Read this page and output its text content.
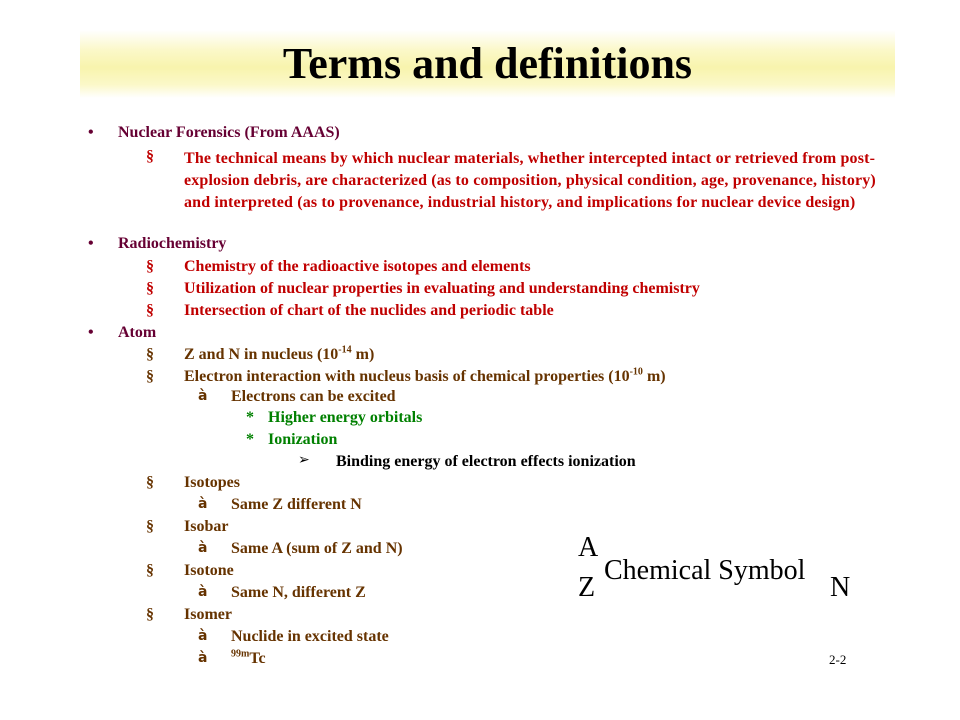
Terms and definitions
• Nuclear Forensics (From AAAS)
§ The technical means by which nuclear materials, whether intercepted intact or retrieved from post-explosion debris, are characterized (as to composition, physical condition, age, provenance, history) and interpreted (as to provenance, industrial history, and implications for nuclear device design)
• Radiochemistry
§ Chemistry of the radioactive isotopes and elements
§ Utilization of nuclear properties in evaluating and understanding chemistry
§ Intersection of chart of the nuclides and periodic table
• Atom
§ Z and N in nucleus ($10^{-14}$ m)
§ Electron interaction with nucleus basis of chemical properties ($10^{-10}$ m)
à Electrons can be excited
* Higher energy orbitals
* Ionization
➢ Binding energy of electron effects ionization
§ Isotopes
à Same Z different N
§ Isobar
à Same A (sum of Z and N)
§ Isotone
à Same N, different Z
§ Isomer
à Nuclide in excited state
à $^{99m}$Tc
A
Z
Chemical Symbol
N
2-2
